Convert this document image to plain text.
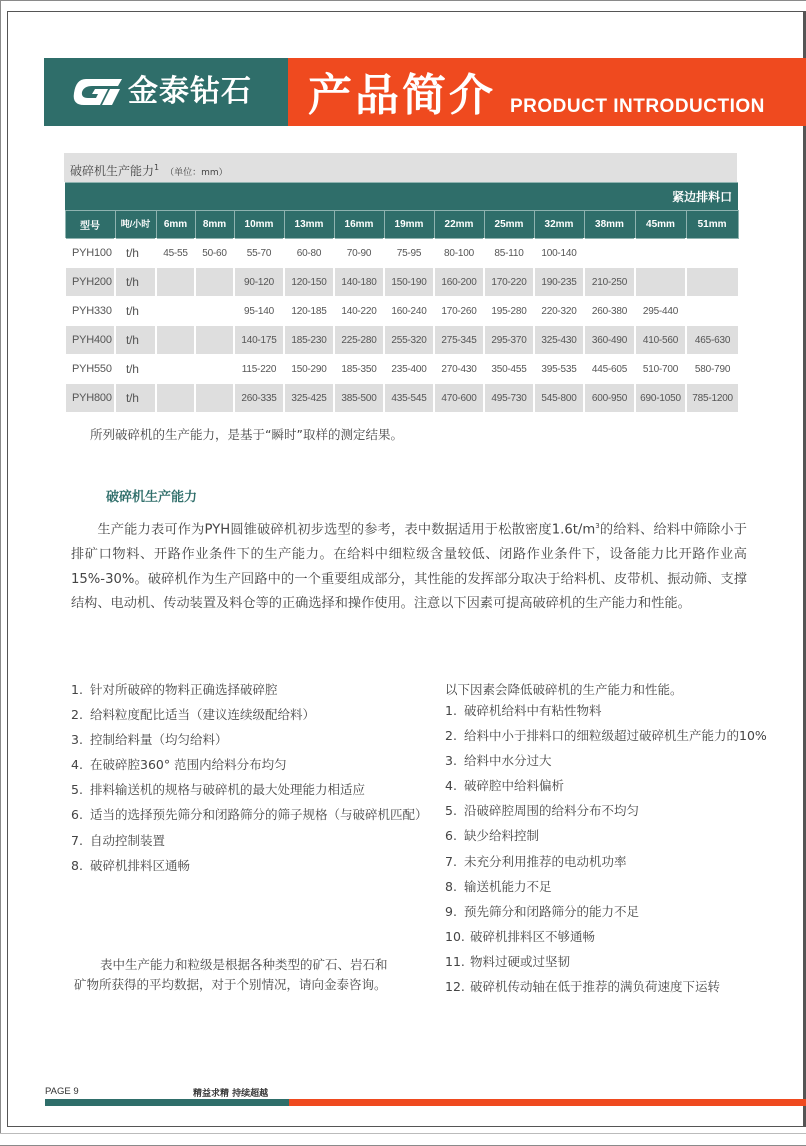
金泰钻石 产品简介 PRODUCT INTRODUCTION
破碎机生产能力$^1$（单位：mm）
紧边排料口													
型号	吨/小时	6mm	8mm	10mm	13mm	16mm	19mm	22mm	25mm	32mm	38mm	45mm	51mm
PYH100	t/h	45-55	50-60	55-70	60-80	70-90	75-95	80-100	85-110	100-140			
PYH200	t/h			90-120	120-150	140-180	150-190	160-200	170-220	190-235	210-250		
PYH330	t/h			95-140	120-185	140-220	160-240	170-260	195-280	220-320	260-380	295-440	
PYH400	t/h			140-175	185-230	225-280	255-320	275-345	295-370	325-430	360-490	410-560	465-630
PYH550	t/h			115-220	150-290	185-350	235-400	270-430	350-455	395-535	445-605	510-700	580-790
PYH800	t/h			260-335	325-425	385-500	435-545	470-600	495-730	545-800	600-950	690-1050	785-1200
所列破碎机的生产能力，是基于“瞬时”取样的测定结果。
破碎机生产能力

生产能力表可作为PYH圆锥破碎机初步选型的参考，表中数据适用于松散密度$1.6t/m^3$的给料、给料中筛除小于排矿口物料、开路作业条件下的生产能力。在给料中细粒级含量较低、闭路作业条件下，设备能力比开路作业高15%-30%。破碎机作为生产回路中的一个重要组成部分，其性能的发挥部分取决于给料机、皮带机、振动筛、支撑结构、电动机、传动装置及料仓等的正确选择和操作使用。注意以下因素可提高破碎机的生产能力和性能。

1. 针对所破碎的物料正确选择破碎腔
2. 给料粒度配比适当（建议连续级配给料）
3. 控制给料量（均匀给料）
4. 在破碎腔360° 范围内给料分布均匀
5. 排料输送机的规格与破碎机的最大处理能力相适应
6. 适当的选择预先筛分和闭路筛分的筛子规格（与破碎机匹配）
7. 自动控制装置
8. 破碎机排料区通畅
以下因素会降低破碎机的生产能力和性能。
1. 破碎机给料中有粘性物料
2. 给料中小于排料口的细粒级超过破碎机生产能力的10%
3. 给料中水分过大
4. 破碎腔中给料偏析
5. 沿破碎腔周围的给料分布不均匀
6. 缺少给料控制
7. 未充分利用推荐的电动机功率
8. 输送机能力不足
9. 预先筛分和闭路筛分的能力不足
10. 破碎机排料区不够通畅
11. 物料过硬或过坚韧
12. 破碎机传动轴在低于推荐的满负荷速度下运转
表中生产能力和粒级是根据各种类型的矿石、岩石和
矿物所获得的平均数据，对于个别情况，请向金泰咨询。
PAGE 9	精益求精 持续超越
